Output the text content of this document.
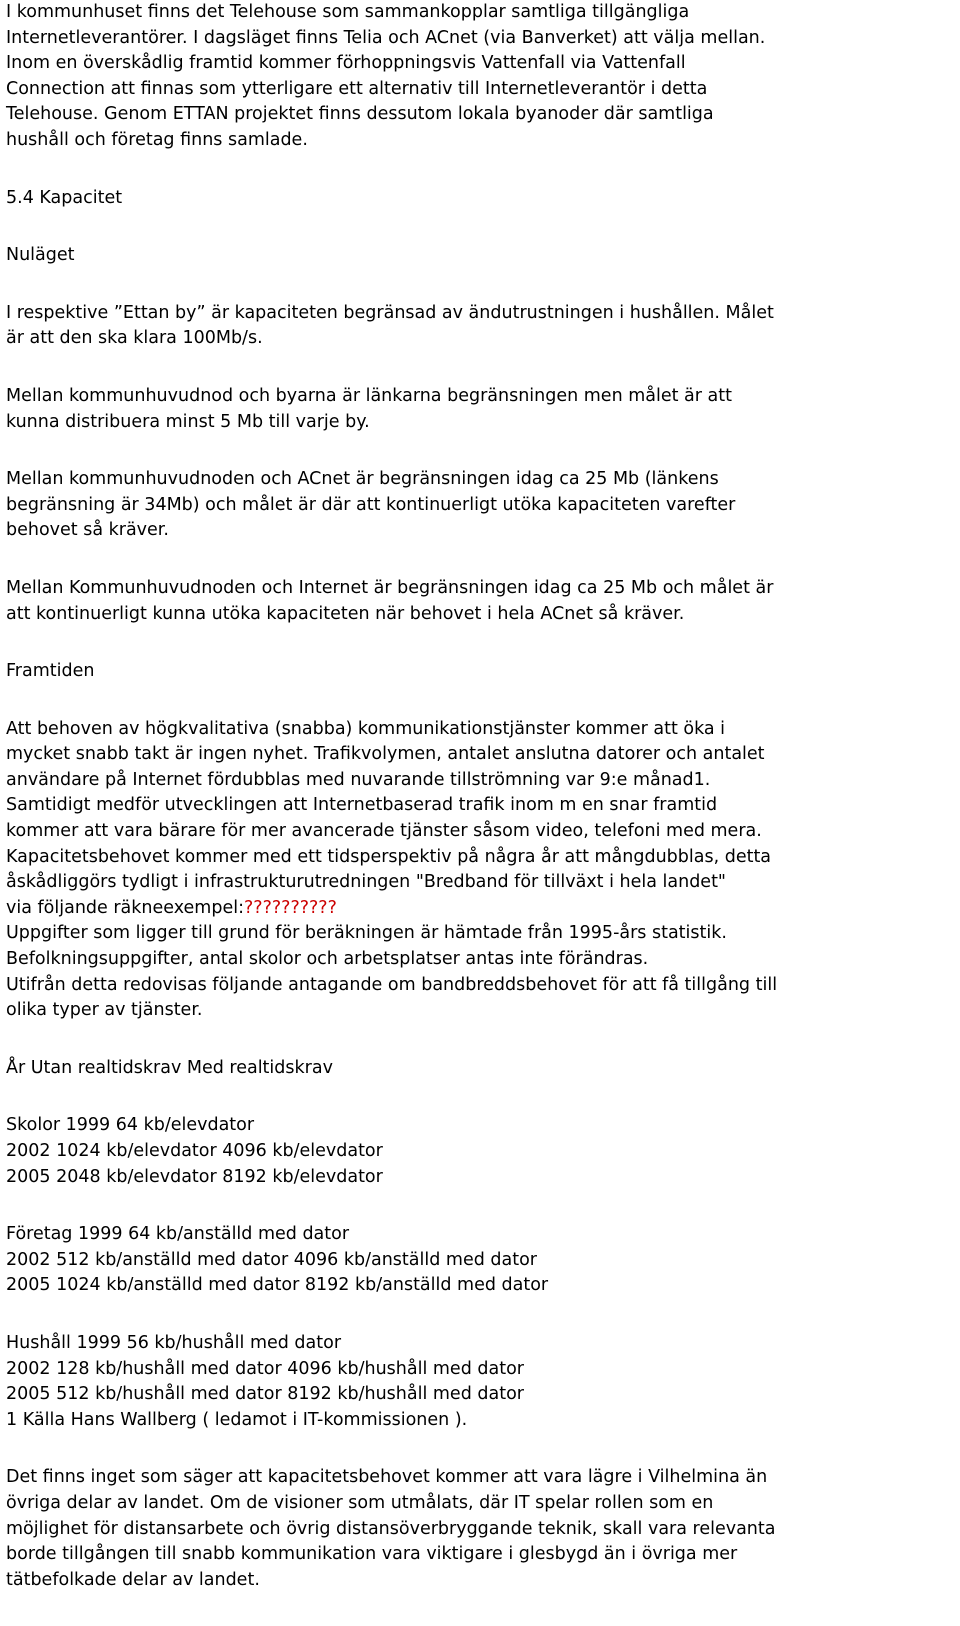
I kommunhuset finns det Telehouse som sammankopplar samtliga tillgängliga
Internetleverantörer. I dagsläget finns Telia och ACnet (via Banverket) att välja mellan.
Inom en överskådlig framtid kommer förhoppningsvis Vattenfall via Vattenfall
Connection att finnas som ytterligare ett alternativ till Internetleverantör i detta
Telehouse. Genom ETTAN projektet finns dessutom lokala byanoder där samtliga
hushåll och företag finns samlade.

5.4 Kapacitet

Nuläget

I respektive ”Ettan by” är kapaciteten begränsad av ändutrustningen i hushållen. Målet
är att den ska klara 100Mb/s.

Mellan kommunhuvudnod och byarna är länkarna begränsningen men målet är att
kunna distribuera minst 5 Mb till varje by.

Mellan kommunhuvudnoden och ACnet är begränsningen idag ca 25 Mb (länkens
begränsning är 34Mb) och målet är där att kontinuerligt utöka kapaciteten varefter
behovet så kräver.

Mellan Kommunhuvudnoden och Internet är begränsningen idag ca 25 Mb och målet är
att kontinuerligt kunna utöka kapaciteten när behovet i hela ACnet så kräver.

Framtiden

Att behoven av högkvalitativa (snabba) kommunikationstjänster kommer att öka i
mycket snabb takt är ingen nyhet. Trafikvolymen, antalet anslutna datorer och antalet
användare på Internet fördubblas med nuvarande tillströmning var 9:e månad1.
Samtidigt medför utvecklingen att Internetbaserad trafik inom m en snar framtid
kommer att vara bärare för mer avancerade tjänster såsom video, telefoni med mera.
Kapacitetsbehovet kommer med ett tidsperspektiv på några år att mångdubblas, detta
åskådliggörs tydligt i infrastrukturutredningen "Bredband för tillväxt i hela landet"
via följande räkneexempel:??????????
Uppgifter som ligger till grund för beräkningen är hämtade från 1995-års statistik.
Befolkningsuppgifter, antal skolor och arbetsplatser antas inte förändras.
Utifrån detta redovisas följande antagande om bandbreddsbehovet för att få tillgång till
olika typer av tjänster.

År Utan realtidskrav Med realtidskrav

Skolor 1999 64 kb/elevdator
2002 1024 kb/elevdator 4096 kb/elevdator
2005 2048 kb/elevdator 8192 kb/elevdator

Företag 1999 64 kb/anställd med dator
2002 512 kb/anställd med dator 4096 kb/anställd med dator
2005 1024 kb/anställd med dator 8192 kb/anställd med dator

Hushåll 1999 56 kb/hushåll med dator
2002 128 kb/hushåll med dator 4096 kb/hushåll med dator
2005 512 kb/hushåll med dator 8192 kb/hushåll med dator
1 Källa Hans Wallberg ( ledamot i IT-kommissionen ).

Det finns inget som säger att kapacitetsbehovet kommer att vara lägre i Vilhelmina än
övriga delar av landet. Om de visioner som utmålats, där IT spelar rollen som en
möjlighet för distansarbete och övrig distansöverbryggande teknik, skall vara relevanta
borde tillgången till snabb kommunikation vara viktigare i glesbygd än i övriga mer
tätbefolkade delar av landet.
